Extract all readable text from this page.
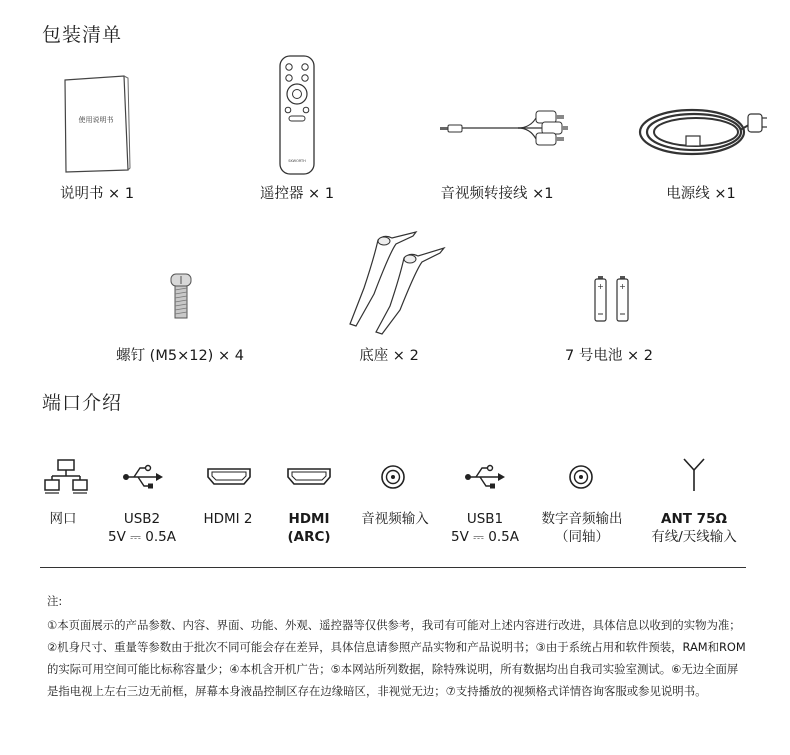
包装清单
使用说明书
说明书 × 1
SKWORTH
遥控器 × 1	音视频转接线 ×1	电源线 ×1
螺钉 (M5×12) × 4	底座 × 2
+ +
7 号电池 × 2
端口介绍
网口	USB2
5V ⎓ 0.5A
HDMI 2	HDMI
(ARC)
音视频输入	USB1
5V ⎓ 0.5A
数字音频输出
（同轴）
ANT 75Ω
有线/天线输入

注:

①本页面展示的产品参数、内容、界面、功能、外观、遥控器等仅供参考，我司有可能对上述内容进行改进，具体信息以收到的实物为准；②机身尺寸、重量等参数由于批次不同可能会存在差异，具体信息请参照产品实物和产品说明书；③由于系统占用和软件预装，RAM和ROM的实际可用空间可能比标称容量少；④本机含开机广告；⑤本网站所列数据，除特殊说明，所有数据均出自我司实验室测试。⑥无边全面屏是指电视上左右三边无前框，屏幕本身液晶控制区存在边缘暗区，非视觉无边；⑦支持播放的视频格式详情咨询客服或参见说明书。
